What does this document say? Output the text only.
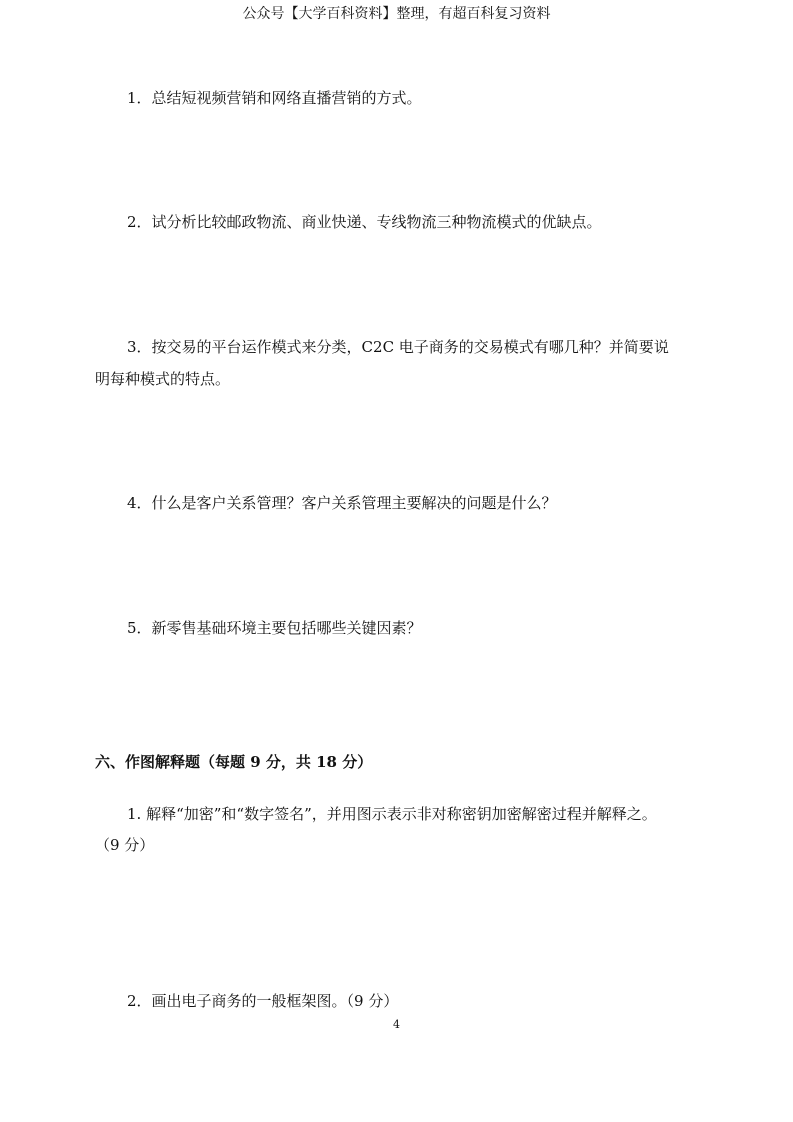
公众号【大学百科资料】整理，有超百科复习资料
1．总结短视频营销和网络直播营销的方式。
2．试分析比较邮政物流、商业快递、专线物流三种物流模式的优缺点。
3．按交易的平台运作模式来分类，C2C 电子商务的交易模式有哪几种？并简要说
明每种模式的特点。
4．什么是客户关系管理？客户关系管理主要解决的问题是什么？
5．新零售基础环境主要包括哪些关键因素？
六、作图解释题（每题 9 分，共 18 分）
1. 解释“加密”和“数字签名”，并用图示表示非对称密钥加密解密过程并解释之。
（9 分）
2．画出电子商务的一般框架图。（9 分）
4
